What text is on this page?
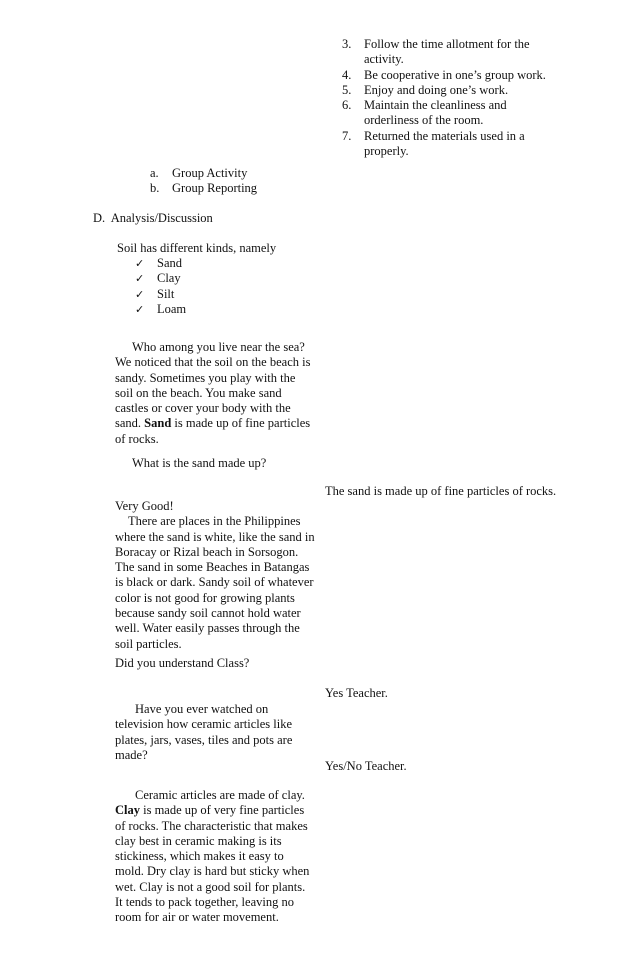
3. Follow the time allotment for the
activity.
4. Be cooperative in one’s group work.
5. Enjoy and doing one’s work.
6. Maintain the cleanliness and
orderliness of the room.
7. Returned the materials used in a
properly.
a. Group Activity
b. Group Reporting
D.  Analysis/Discussion
Soil has different kinds, namely
✓ Sand
✓ Clay
✓ Silt
✓ Loam

Who among you live near the sea?

We noticed that the soil on the beach is

sandy. Sometimes you play with the

soil on the beach. You make sand

castles or cover your body with the

sand. Sand is made up of fine particles

of rocks.

What is the sand made up?
The sand is made up of fine particles of rocks.

Very Good!

There are places in the Philippines

where the sand is white, like the sand in

Boracay or Rizal beach in Sorsogon.

The sand in some Beaches in Batangas

is black or dark. Sandy soil of whatever

color is not good for growing plants

because sandy soil cannot hold water

well. Water easily passes through the

soil particles.

Did you understand Class?
Yes Teacher.

Have you ever watched on

television how ceramic articles like

plates, jars, vases, tiles and pots are

made?

Yes/No Teacher.

Ceramic articles are made of clay.

Clay is made up of very fine particles

of rocks. The characteristic that makes

clay best in ceramic making is its

stickiness, which makes it easy to

mold. Dry clay is hard but sticky when

wet. Clay is not a good soil for plants.

It tends to pack together, leaving no

room for air or water movement.
